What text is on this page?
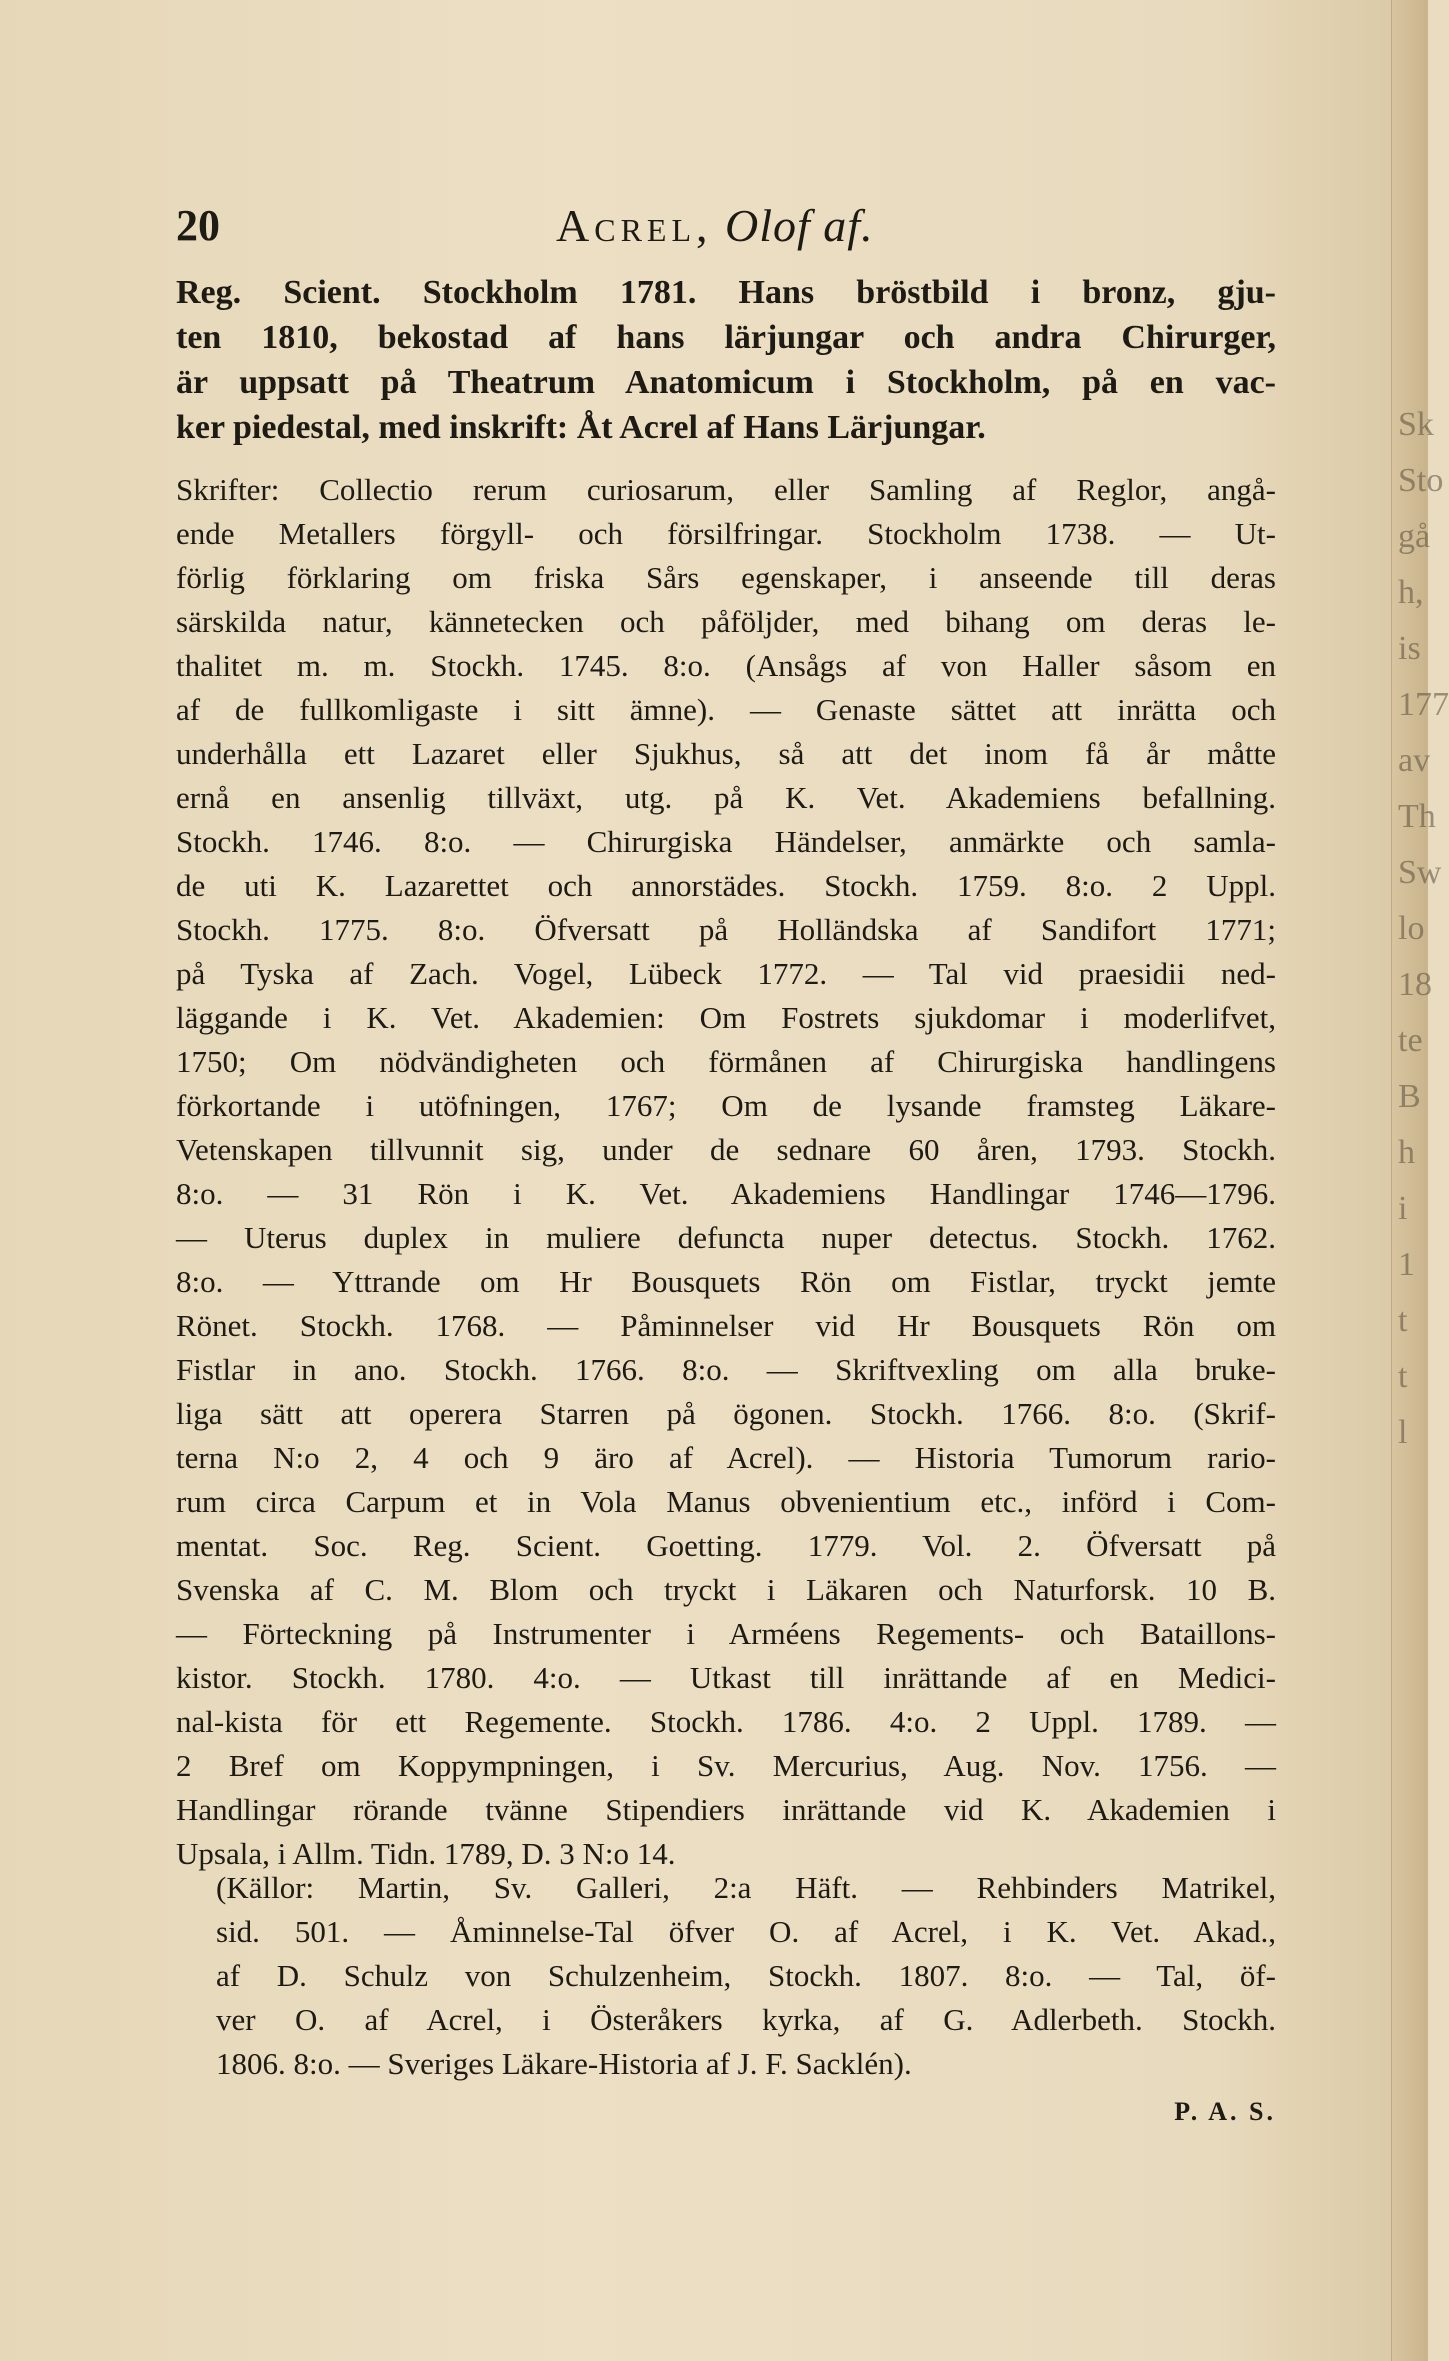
20	Acrel, Olof af.
Reg. Scient. Stockholm 1781. Hans bröstbild i bronz, gju-
ten 1810, bekostad af hans lärjungar och andra Chirurger,
är uppsatt på Theatrum Anatomicum i Stockholm, på en vac-
ker piedestal, med inskrift: Åt Acrel af Hans Lärjungar.
Skrifter: Collectio rerum curiosarum, eller Samling af Reglor, angå-
ende Metallers förgyll- och försilfringar. Stockholm 1738. — Ut-
förlig förklaring om friska Sårs egenskaper, i anseende till deras
särskilda natur, kännetecken och påföljder, med bihang om deras le-
thalitet m. m. Stockh. 1745. 8:o. (Ansågs af von Haller såsom en
af de fullkomligaste i sitt ämne). — Genaste sättet att inrätta och
underhålla ett Lazaret eller Sjukhus, så att det inom få år måtte
ernå en ansenlig tillväxt, utg. på K. Vet. Akademiens befallning.
Stockh. 1746. 8:o. — Chirurgiska Händelser, anmärkte och samla-
de uti K. Lazarettet och annorstädes. Stockh. 1759. 8:o. 2 Uppl.
Stockh. 1775. 8:o. Öfversatt på Holländska af Sandifort 1771;
på Tyska af Zach. Vogel, Lübeck 1772. — Tal vid praesidii ned-
läggande i K. Vet. Akademien: Om Fostrets sjukdomar i moderlifvet,
1750; Om nödvändigheten och förmånen af Chirurgiska handlingens
förkortande i utöfningen, 1767; Om de lysande framsteg Läkare-
Vetenskapen tillvunnit sig, under de sednare 60 åren, 1793. Stockh.
8:o. — 31 Rön i K. Vet. Akademiens Handlingar 1746—1796.
— Uterus duplex in muliere defuncta nuper detectus. Stockh. 1762.
8:o. — Yttrande om Hr Bousquets Rön om Fistlar, tryckt jemte
Rönet. Stockh. 1768. — Påminnelser vid Hr Bousquets Rön om
Fistlar in ano. Stockh. 1766. 8:o. — Skriftvexling om alla bruke-
liga sätt att operera Starren på ögonen. Stockh. 1766. 8:o. (Skrif-
terna N:o 2, 4 och 9 äro af Acrel). — Historia Tumorum rario-
rum circa Carpum et in Vola Manus obvenientium etc., införd i Com-
mentat. Soc. Reg. Scient. Goetting. 1779. Vol. 2. Öfversatt på
Svenska af C. M. Blom och tryckt i Läkaren och Naturforsk. 10 B.
— Förteckning på Instrumenter i Arméens Regements- och Bataillons-
kistor. Stockh. 1780. 4:o. — Utkast till inrättande af en Medici-
nal-kista för ett Regemente. Stockh. 1786. 4:o. 2 Uppl. 1789. —
2 Bref om Koppympningen, i Sv. Mercurius, Aug. Nov. 1756. —
Handlingar rörande tvänne Stipendiers inrättande vid K. Akademien i
Upsala, i Allm. Tidn. 1789, D. 3 N:o 14.
(Källor: Martin, Sv. Galleri, 2:a Häft. — Rehbinders Matrikel,
sid. 501. — Åminnelse-Tal öfver O. af Acrel, i K. Vet. Akad.,
af D. Schulz von Schulzenheim, Stockh. 1807. 8:o. — Tal, öf-
ver O. af Acrel, i Österåkers kyrka, af G. Adlerbeth. Stockh.
1806. 8:o. — Sveriges Läkare-Historia af J. F. Sacklén).
P. A. S.
Sk
Sto
gå
h,
is
177
av
Th
Sw
lo
18
te
B
h
i
1
t
t
l
